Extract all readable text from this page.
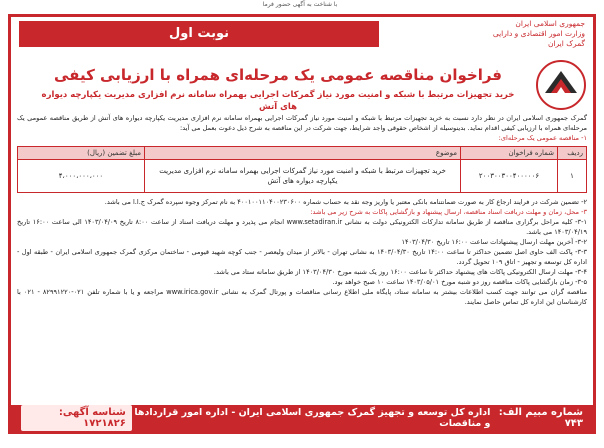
با شناخت به آگهی حضور فرما
نوبت اول
جمهوری اسلامی ایران
وزارت امور اقتصادی و دارایی
گمرک ایران
فراخوان مناقصه عمومی یک مرحله‌ای همراه با ارزیابی کیفی
خرید تجهیزات مرتبط با شبکه و امنیت مورد نیاز گمرکات اجرایی بهمراه سامانه نرم افزاری مدیریت یکپارچه دیواره های آتش

گمرک جمهوری اسلامی ایران در نظر دارد نسبت به خرید تجهیزات مرتبط با شبکه و امنیت مورد نیاز گمرکات اجرایی بهمراه سامانه نرم افزاری مدیریت یکپارچه دیواره های آتش از طریق مناقصه عمومی یک مرحله‌ای همراه با ارزیابی کیفی اقدام نماید. بدینوسیله از اشخاص حقوقی واجد شرایط، جهت شرکت در این مناقصه به شرح ذیل دعوت بعمل می آید:

۱- مناقصه عمومی یک مرحله‌ای:

ردیف	شماره فراخوان	موضوع	مبلغ تضمین (ریال)
۱	۲۰۰۳۰۰۳۰۰۴۰۰۰۰۰۶	خرید تجهیزات مرتبط با شبکه و امنیت مورد نیاز گمرکات اجرایی بهمراه سامانه نرم افزاری مدیریت یکپارچه دیواره های آتش	۴،۰۰۰،۰۰۰،۰۰۰

۲- تضمین شرکت در فرایند ارجاع کار به صورت ضمانتنامه بانکی معتبر یا واریز وجه نقد به حساب شماره ۴۰۰۱۰۰۱۱۰۴۰۰۲۳۰۶۰۰ به نام تمرکز وجوه سپرده گمرک ج.ا.ا می باشد.

۳- محل، زمان و مهلت دریافت اسناد مناقصه، ارسال پیشنهاد و بازگشایی پاکات به شرح زیر می باشد:

۳-۱- کلیه مراحل برگزاری مناقصه از طریق سامانه تدارکات الکترونیکی دولت به نشانی www.setadiran.ir انجام می پذیرد و مهلت دریافت اسناد از ساعت ۸:۰۰ تاریخ ۱۴۰۳/۰۴/۰۹ الی ساعت ۱۶:۰۰ تاریخ ۱۴۰۳/۰۴/۱۹ می باشد.

۳-۲- آخرین مهلت ارسال پیشنهادات ساعت ۱۶:۰۰ تاریخ ۱۴۰۳/۰۴/۳۰

۳-۳- پاکت الف حاوی اصل تضمین حداکثر تا ساعت ۱۴:۰۰ تاریخ ۱۴۰۳/۰۴/۳۰ به نشانی تهران - بالاتر از میدان ولیعصر - جنب کوچه شهید قیومی - ساختمان مرکزی گمرک جمهوری اسلامی ایران - طبقه اول - اداره کل توسعه و تجهیز - اتاق ۱۰۹ تحویل گردد.

۳-۴- مهلت ارسال الکترونیکی پاکات های پیشنهاد حداکثر تا ساعت ۱۶:۰۰ روز یک شنبه مورخ ۱۴۰۳/۰۴/۳۰ از طریق سامانه ستاد می باشد.

۳-۵- زمان بازگشایی پاکات مناقصه روز دو شنبه مورخ ۱۴۰۳/۰۵/۰۱ ساعت ۱۰ صبح خواهد بود.

مناقصه گران می توانند جهت کسب اطلاعات بیشتر به سامانه ستاد، پایگاه ملی اطلاع رسانی مناقصات و پورتال گمرک به نشانی www.irica.gov.ir مراجعه و یا با شماره تلفن ۰۲۱-۸۲۹۹۱۲۲۰ - ۰۲۱ با کارشناسان این اداره کل تماس حاصل نمایند.

شماره مبیم الف: ۷۴۳
اداره کل توسعه و تجهیز گمرک جمهوری اسلامی ایران - اداره امور قراردادها و مناقصات
شناسه آگهی: ۱۷۲۱۸۲۶
